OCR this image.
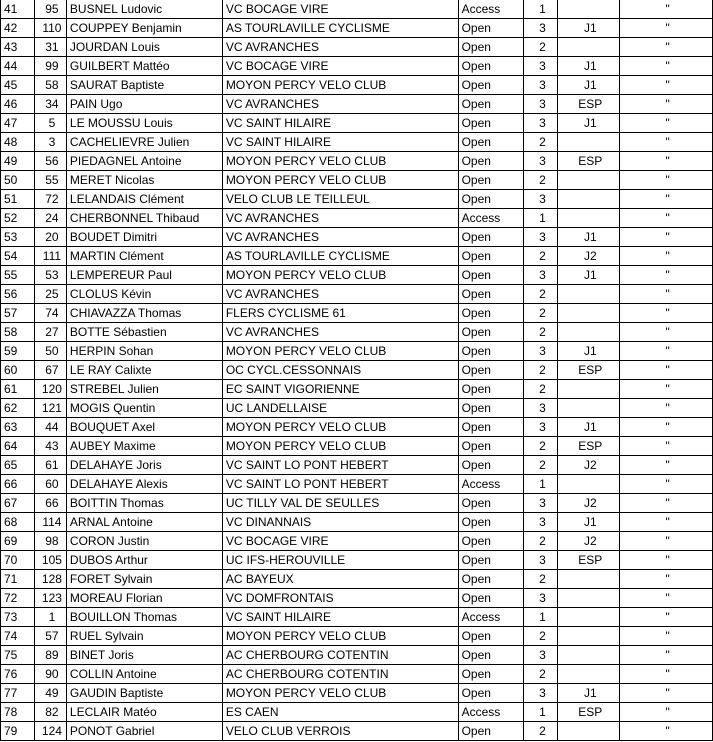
41	95	BUSNEL Ludovic	VC BOCAGE VIRE	Access	1		"
42	110	COUPPEY Benjamin	AS TOURLAVILLE CYCLISME	Open	3	J1	"
43	31	JOURDAN Louis	VC AVRANCHES	Open	2		"
44	99	GUILBERT Mattéo	VC BOCAGE VIRE	Open	3	J1	"
45	58	SAURAT Baptiste	MOYON PERCY VELO CLUB	Open	3	J1	"
46	34	PAIN Ugo	VC AVRANCHES	Open	3	ESP	"
47	5	LE MOUSSU Louis	VC SAINT HILAIRE	Open	3	J1	"
48	3	CACHELIEVRE Julien	VC SAINT HILAIRE	Open	2		"
49	56	PIEDAGNEL Antoine	MOYON PERCY VELO CLUB	Open	3	ESP	"
50	55	MERET Nicolas	MOYON PERCY VELO CLUB	Open	2		"
51	72	LELANDAIS Clément	VELO CLUB LE TEILLEUL	Open	3		"
52	24	CHERBONNEL Thibaud	VC AVRANCHES	Access	1		"
53	20	BOUDET Dimitri	VC AVRANCHES	Open	3	J1	"
54	111	MARTIN Clément	AS TOURLAVILLE CYCLISME	Open	2	J2	"
55	53	LEMPEREUR Paul	MOYON PERCY VELO CLUB	Open	3	J1	"
56	25	CLOLUS Kévin	VC AVRANCHES	Open	2		"
57	74	CHIAVAZZA Thomas	FLERS CYCLISME 61	Open	2		"
58	27	BOTTE Sébastien	VC AVRANCHES	Open	2		"
59	50	HERPIN Sohan	MOYON PERCY VELO CLUB	Open	3	J1	"
60	67	LE RAY Calixte	OC CYCL.CESSONNAIS	Open	2	ESP	"
61	120	STREBEL Julien	EC SAINT VIGORIENNE	Open	2		"
62	121	MOGIS Quentin	UC LANDELLAISE	Open	3		"
63	44	BOUQUET Axel	MOYON PERCY VELO CLUB	Open	3	J1	"
64	43	AUBEY Maxime	MOYON PERCY VELO CLUB	Open	2	ESP	"
65	61	DELAHAYE Joris	VC SAINT LO PONT HEBERT	Open	2	J2	"
66	60	DELAHAYE Alexis	VC SAINT LO PONT HEBERT	Access	1		"
67	66	BOITTIN Thomas	UC TILLY VAL DE SEULLES	Open	3	J2	"
68	114	ARNAL Antoine	VC DINANNAIS	Open	3	J1	"
69	98	CORON Justin	VC BOCAGE VIRE	Open	2	J2	"
70	105	DUBOS Arthur	UC IFS-HEROUVILLE	Open	3	ESP	"
71	128	FORET Sylvain	AC BAYEUX	Open	2		"
72	123	MOREAU Florian	VC DOMFRONTAIS	Open	3		"
73	1	BOUILLON Thomas	VC SAINT HILAIRE	Access	1		"
74	57	RUEL Sylvain	MOYON PERCY VELO CLUB	Open	2		"
75	89	BINET Joris	AC CHERBOURG COTENTIN	Open	3		"
76	90	COLLIN Antoine	AC CHERBOURG COTENTIN	Open	2		"
77	49	GAUDIN Baptiste	MOYON PERCY VELO CLUB	Open	3	J1	"
78	82	LECLAIR Matéo	ES CAEN	Access	1	ESP	"
79	124	PONOT Gabriel	VELO CLUB VERROIS	Open	2		"
